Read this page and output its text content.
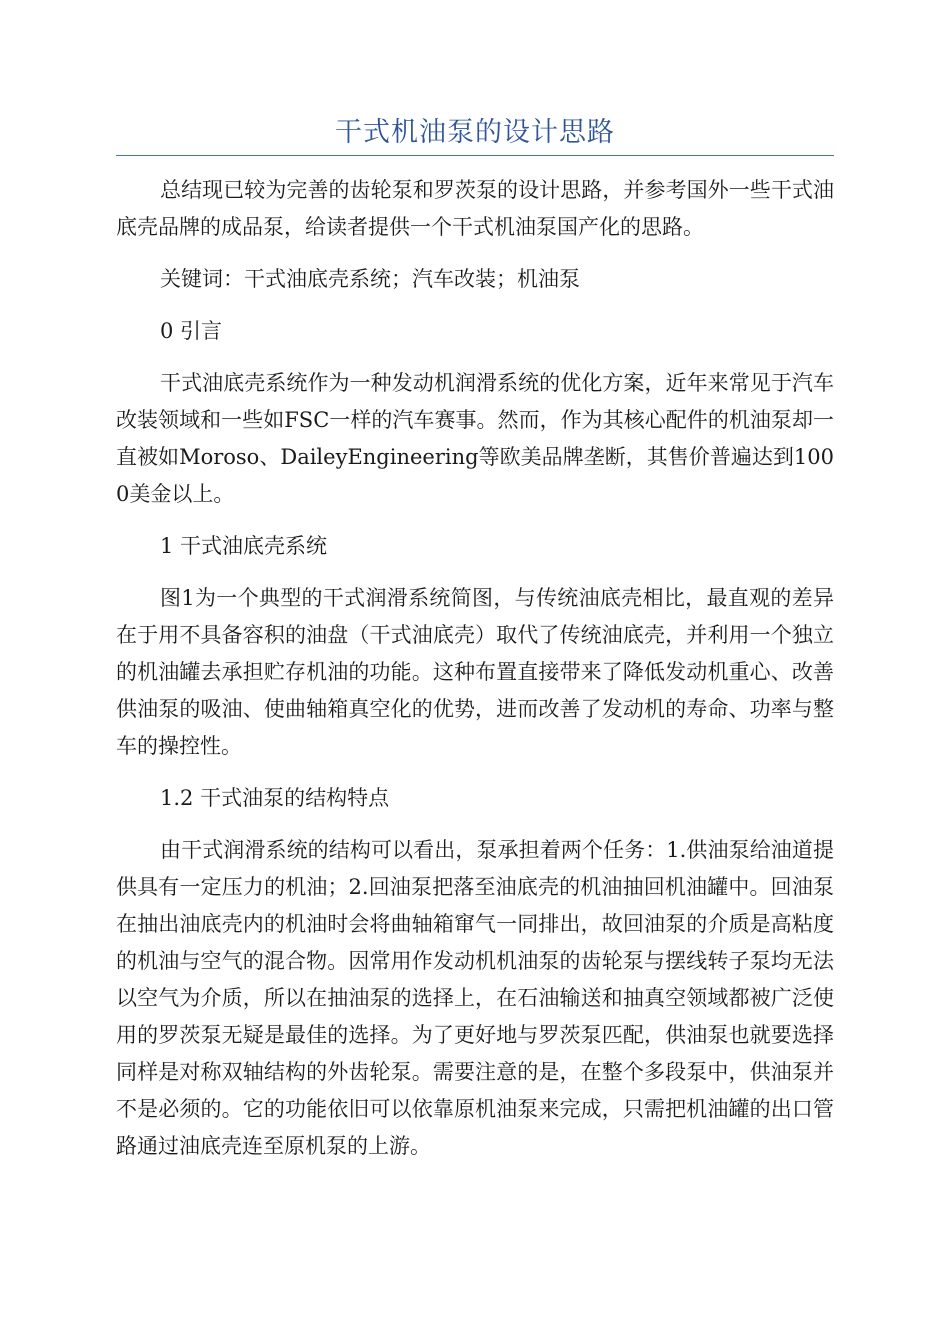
干式机油泵的设计思路

总结现已较为完善的齿轮泵和罗茨泵的设计思路，并参考国外一些干式油底壳品牌的成品泵，给读者提供一个干式机油泵国产化的思路。

关键词：干式油底壳系统；汽车改装；机油泵

0 引言

干式油底壳系统作为一种发动机润滑系统的优化方案，近年来常见于汽车改装领域和一些如FSC一样的汽车赛事。然而，作为其核心配件的机油泵却一直被如Moroso、DaileyEngineering等欧美品牌垄断，其售价普遍达到1000美金以上。

1 干式油底壳系统

图1为一个典型的干式润滑系统简图，与传统油底壳相比，最直观的差异在于用不具备容积的油盘（干式油底壳）取代了传统油底壳，并利用一个独立的机油罐去承担贮存机油的功能。这种布置直接带来了降低发动机重心、改善供油泵的吸油、使曲轴箱真空化的优势，进而改善了发动机的寿命、功率与整车的操控性。

1.2 干式油泵的结构特点

由干式润滑系统的结构可以看出，泵承担着两个任务：1.供油泵给油道提供具有一定压力的机油；2.回油泵把落至油底壳的机油抽回机油罐中。回油泵在抽出油底壳内的机油时会将曲轴箱窜气一同排出，故回油泵的介质是高粘度的机油与空气的混合物。因常用作发动机机油泵的齿轮泵与摆线转子泵均无法以空气为介质，所以在抽油泵的选择上，在石油输送和抽真空领域都被广泛使用的罗茨泵无疑是最佳的选择。为了更好地与罗茨泵匹配，供油泵也就要选择同样是对称双轴结构的外齿轮泵。需要注意的是，在整个多段泵中，供油泵并不是必须的。它的功能依旧可以依靠原机油泵来完成，只需把机油罐的出口管路通过油底壳连至原机泵的上游。
